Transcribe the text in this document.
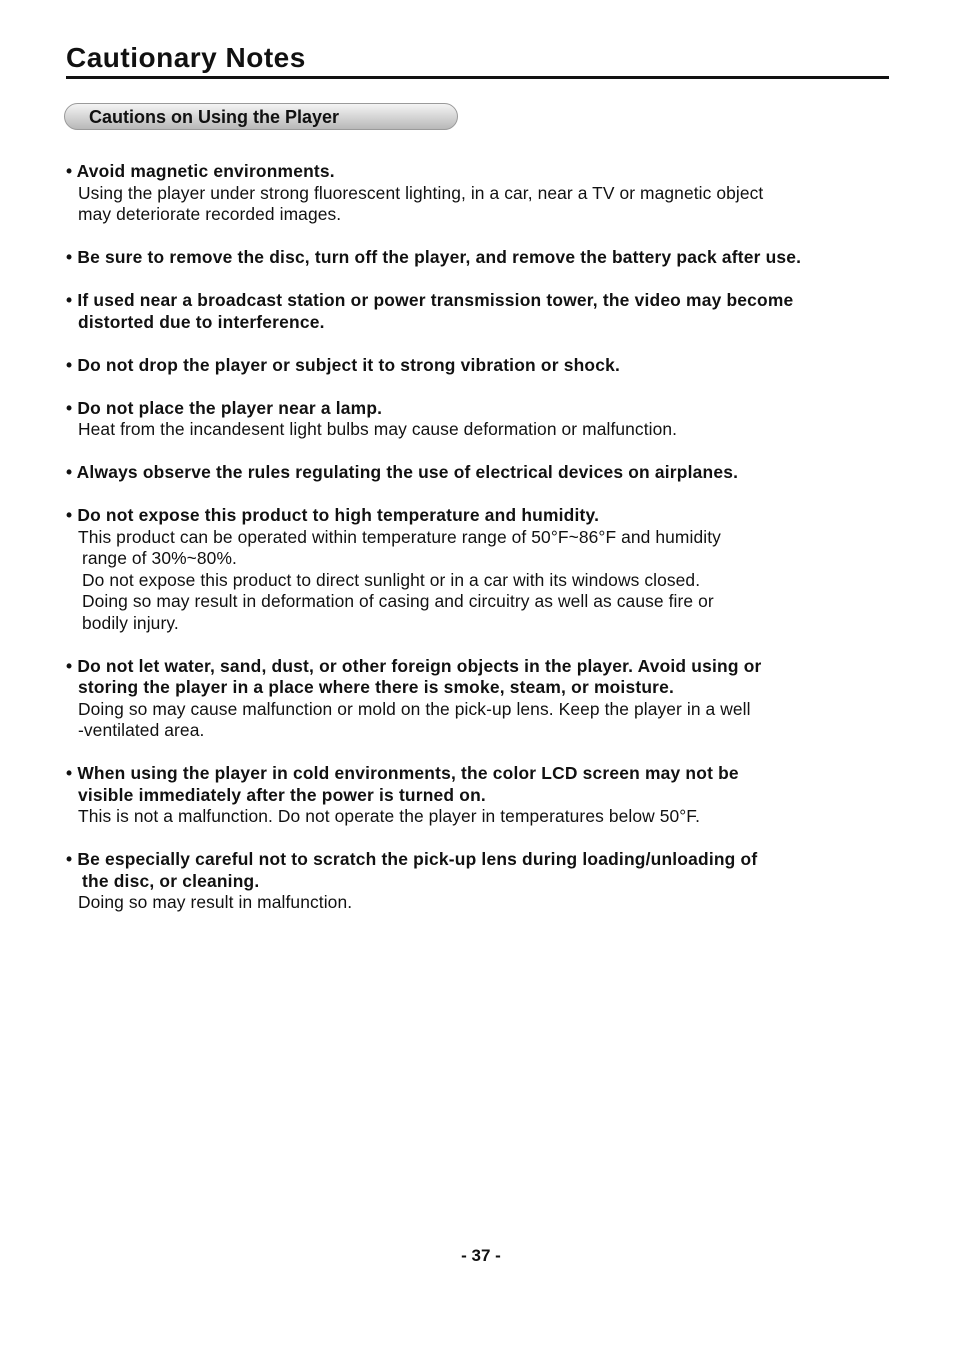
Cautionary Notes
Cautions on Using the Player
• Avoid magnetic environments.
Using the player under strong fluorescent lighting, in a car, near a TV or magnetic object
may deteriorate recorded images.
• Be sure to remove the disc, turn off the player, and remove the battery pack after use.
• If used near a broadcast station or power transmission tower, the video may become
distorted due to interference.
• Do not drop the player or subject it to strong vibration or shock.
• Do not place the player near a lamp.
Heat from the incandesent light bulbs may cause deformation or malfunction.
• Always observe the rules regulating the use of electrical devices on airplanes.
• Do not expose this product to high temperature and humidity.
This product can be operated within temperature range of 50°F~86°F and humidity
range of 30%~80%.
Do not expose this product to direct sunlight or in a car with its windows closed.
Doing so may result in deformation of casing and circuitry as well as cause fire or
bodily injury.
• Do not let water, sand, dust, or other foreign objects in the player. Avoid using or
storing the player in a place where there is smoke, steam, or moisture.
Doing so may cause malfunction or mold on the pick-up lens. Keep the player in a well
-ventilated area.
• When using the player in cold environments, the color LCD screen may not be
visible immediately after the power is turned on.
This is not a malfunction. Do not operate the player in temperatures below 50°F.
• Be especially careful not to scratch the pick-up lens during loading/unloading of
the disc, or cleaning.
Doing so may result in malfunction.
- 37 -
